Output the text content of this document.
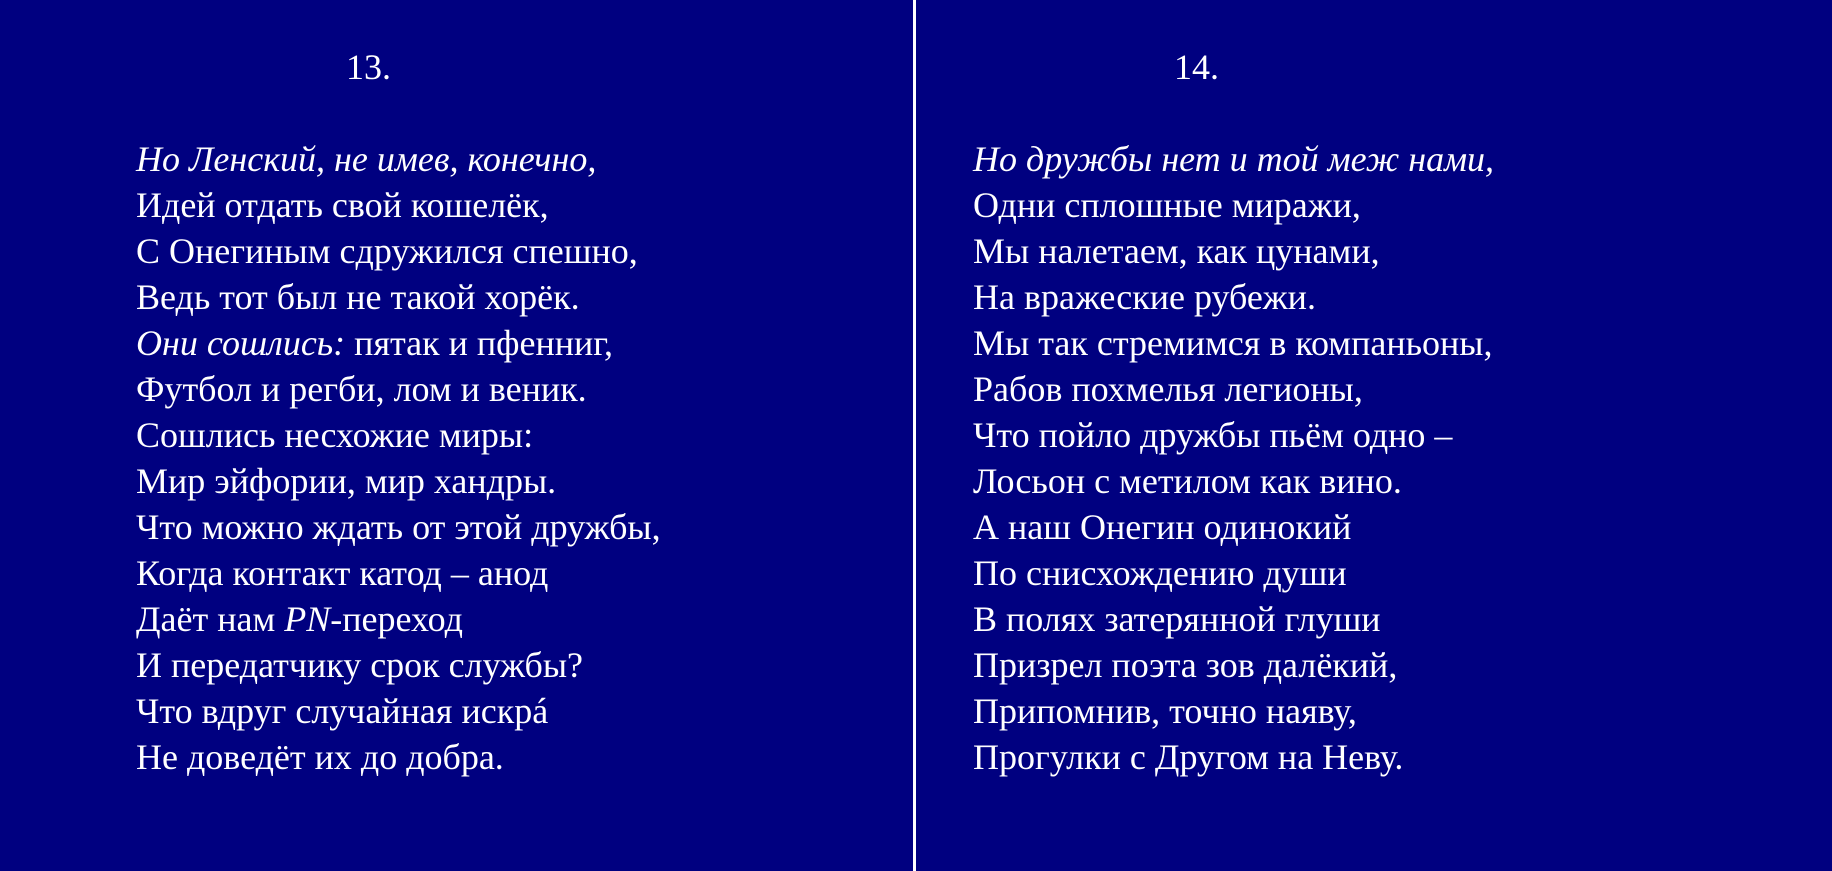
13.
Но Ленский, не имев, конечно,
Идей отдать свой кошелёк,
С Онегиным сдружился спешно,
Ведь тот был не такой хорёк.
Они сошлись: пятак и пфенниг,
Футбол и регби, лом и веник.
Сошлись несхожие миры:
Мир эйфории, мир хандры.
Что можно ждать от этой дружбы,
Когда контакт катод – анод
Даёт нам PN-переход
И передатчику срок службы?
Что вдруг случайная искрá
Не доведёт их до добра.
14.
Но дружбы нет и той меж нами,
Одни сплошные миражи,
Мы налетаем, как цунами,
На вражеские рубежи.
Мы так стремимся в компаньоны,
Рабов похмелья легионы,
Что пойло дружбы пьём одно –
Лосьон с метилом как вино.
А наш Онегин одинокий
По снисхождению души
В полях затерянной глуши
Призрел поэта зов далёкий,
Припомнив, точно наяву,
Прогулки с Другом на Неву.
